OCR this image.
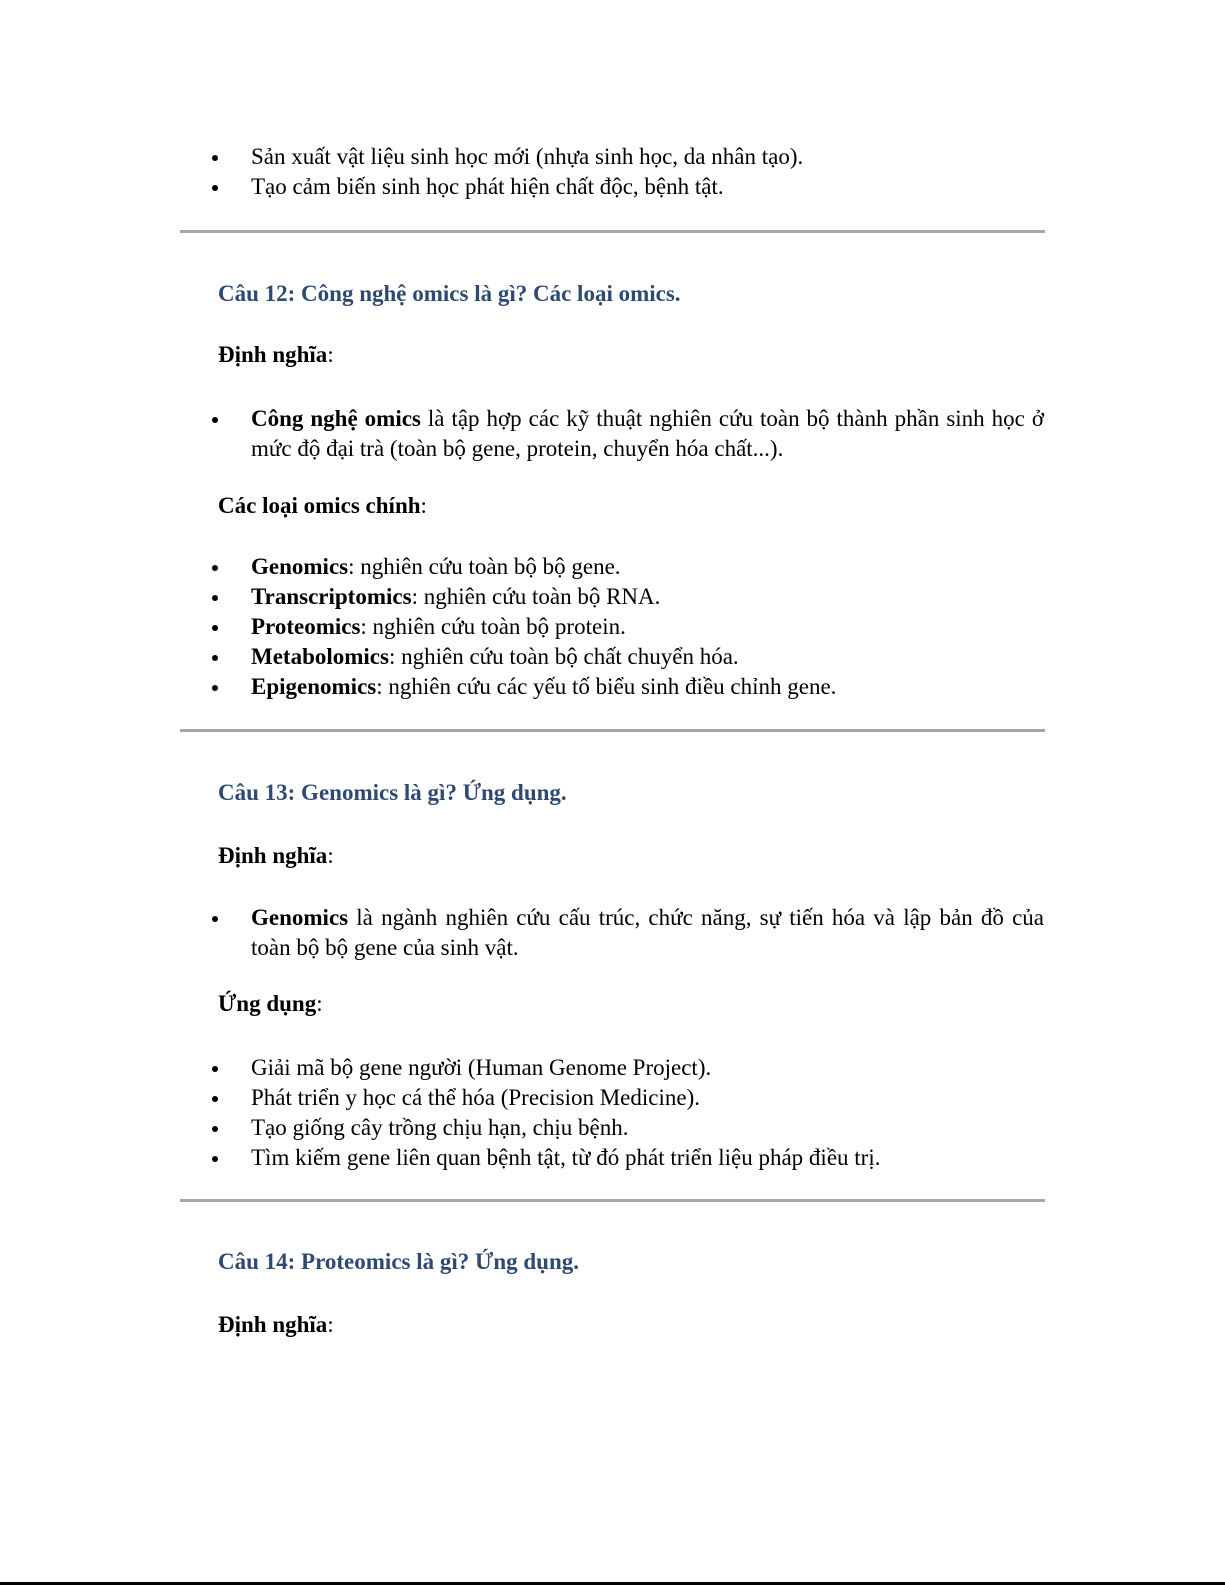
Sản xuất vật liệu sinh học mới (nhựa sinh học, da nhân tạo).
Tạo cảm biến sinh học phát hiện chất độc, bệnh tật.
Câu 12: Công nghệ omics là gì? Các loại omics.
Định nghĩa:
Công nghệ omics là tập hợp các kỹ thuật nghiên cứu toàn bộ thành phần sinh học ở mức độ đại trà (toàn bộ gene, protein, chuyển hóa chất...).
Các loại omics chính:
Genomics: nghiên cứu toàn bộ bộ gene.
Transcriptomics: nghiên cứu toàn bộ RNA.
Proteomics: nghiên cứu toàn bộ protein.
Metabolomics: nghiên cứu toàn bộ chất chuyển hóa.
Epigenomics: nghiên cứu các yếu tố biểu sinh điều chỉnh gene.
Câu 13: Genomics là gì? Ứng dụng.
Định nghĩa:
Genomics là ngành nghiên cứu cấu trúc, chức năng, sự tiến hóa và lập bản đồ của toàn bộ bộ gene của sinh vật.
Ứng dụng:
Giải mã bộ gene người (Human Genome Project).
Phát triển y học cá thể hóa (Precision Medicine).
Tạo giống cây trồng chịu hạn, chịu bệnh.
Tìm kiếm gene liên quan bệnh tật, từ đó phát triển liệu pháp điều trị.
Câu 14: Proteomics là gì? Ứng dụng.
Định nghĩa:
